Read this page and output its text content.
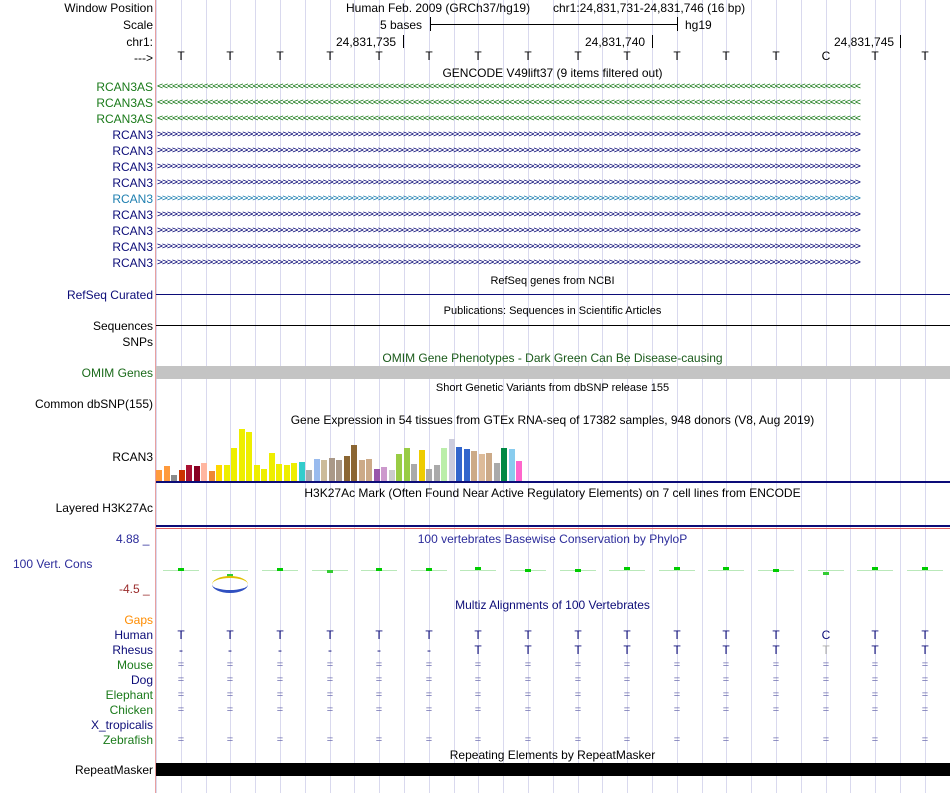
Window Position	Human Feb. 2009 (GRCh37/hg19) chr1:24,831,731-24,831,746 (16 bp)
Scale	5 bases	hg19
chr1:	24,831,735	24,831,740	24,831,745
--->	T	T	T	T	T	T	T	T	T	T	T	T	T	C	T	T
GENCODE V49lift37 (9 items filtered out)
RCAN3AS <<<<<<<<<<<<<<<<<<<<<<<<<<<<<<<<<<<<<<<<<<<<<<<<<<<<<<<<<<<<<<<<<<<<<<<<<<<<<<<<<<<<<<<<<<<<<<<<<<<<<<<<<<<<<<<<<<<<<<<<<<<<<<<<<<<<<<<<<<<<
RCAN3AS <<<<<<<<<<<<<<<<<<<<<<<<<<<<<<<<<<<<<<<<<<<<<<<<<<<<<<<<<<<<<<<<<<<<<<<<<<<<<<<<<<<<<<<<<<<<<<<<<<<<<<<<<<<<<<<<<<<<<<<<<<<<<<<<<<<<<<<<<<<<
RCAN3AS <<<<<<<<<<<<<<<<<<<<<<<<<<<<<<<<<<<<<<<<<<<<<<<<<<<<<<<<<<<<<<<<<<<<<<<<<<<<<<<<<<<<<<<<<<<<<<<<<<<<<<<<<<<<<<<<<<<<<<<<<<<<<<<<<<<<<<<<<<<<
RCAN3 >>>>>>>>>>>>>>>>>>>>>>>>>>>>>>>>>>>>>>>>>>>>>>>>>>>>>>>>>>>>>>>>>>>>>>>>>>>>>>>>>>>>>>>>>>>>>>>>>>>>>>>>>>>>>>>>>>>>>>>>>>>>>>>>>>>>>>>>>>>>
RCAN3 >>>>>>>>>>>>>>>>>>>>>>>>>>>>>>>>>>>>>>>>>>>>>>>>>>>>>>>>>>>>>>>>>>>>>>>>>>>>>>>>>>>>>>>>>>>>>>>>>>>>>>>>>>>>>>>>>>>>>>>>>>>>>>>>>>>>>>>>>>>>
RCAN3 >>>>>>>>>>>>>>>>>>>>>>>>>>>>>>>>>>>>>>>>>>>>>>>>>>>>>>>>>>>>>>>>>>>>>>>>>>>>>>>>>>>>>>>>>>>>>>>>>>>>>>>>>>>>>>>>>>>>>>>>>>>>>>>>>>>>>>>>>>>>
RCAN3 >>>>>>>>>>>>>>>>>>>>>>>>>>>>>>>>>>>>>>>>>>>>>>>>>>>>>>>>>>>>>>>>>>>>>>>>>>>>>>>>>>>>>>>>>>>>>>>>>>>>>>>>>>>>>>>>>>>>>>>>>>>>>>>>>>>>>>>>>>>>
RCAN3 >>>>>>>>>>>>>>>>>>>>>>>>>>>>>>>>>>>>>>>>>>>>>>>>>>>>>>>>>>>>>>>>>>>>>>>>>>>>>>>>>>>>>>>>>>>>>>>>>>>>>>>>>>>>>>>>>>>>>>>>>>>>>>>>>>>>>>>>>>>>
RCAN3 >>>>>>>>>>>>>>>>>>>>>>>>>>>>>>>>>>>>>>>>>>>>>>>>>>>>>>>>>>>>>>>>>>>>>>>>>>>>>>>>>>>>>>>>>>>>>>>>>>>>>>>>>>>>>>>>>>>>>>>>>>>>>>>>>>>>>>>>>>>>
RCAN3 >>>>>>>>>>>>>>>>>>>>>>>>>>>>>>>>>>>>>>>>>>>>>>>>>>>>>>>>>>>>>>>>>>>>>>>>>>>>>>>>>>>>>>>>>>>>>>>>>>>>>>>>>>>>>>>>>>>>>>>>>>>>>>>>>>>>>>>>>>>>
RCAN3 >>>>>>>>>>>>>>>>>>>>>>>>>>>>>>>>>>>>>>>>>>>>>>>>>>>>>>>>>>>>>>>>>>>>>>>>>>>>>>>>>>>>>>>>>>>>>>>>>>>>>>>>>>>>>>>>>>>>>>>>>>>>>>>>>>>>>>>>>>>>
RCAN3 >>>>>>>>>>>>>>>>>>>>>>>>>>>>>>>>>>>>>>>>>>>>>>>>>>>>>>>>>>>>>>>>>>>>>>>>>>>>>>>>>>>>>>>>>>>>>>>>>>>>>>>>>>>>>>>>>>>>>>>>>>>>>>>>>>>>>>>>>>>>
RefSeq genes from NCBI
RefSeq Curated
Publications: Sequences in Scientific Articles
Sequences
SNPs
OMIM Gene Phenotypes - Dark Green Can Be Disease-causing
OMIM Genes
Short Genetic Variants from dbSNP release 155
Common dbSNP(155)
Gene Expression in 54 tissues from GTEx RNA-seq of 17382 samples, 948 donors (V8, Aug 2019)
RCAN3
H3K27Ac Mark (Often Found Near Active Regulatory Elements) on 7 cell lines from ENCODE
Layered H3K27Ac
100 vertebrates Basewise Conservation by PhyloP
4.88 _
100 Vert. Cons
-4.5 _
Multiz Alignments of 100 Vertebrates
Gaps
Human	T	T	T	T	T	T	T	T	T	T	T	T	T	C	T	T
Rhesus	-	-	-	-	-	-	T	T	T	T	T	T	T	T	T	T
Mouse	=	=	=	=	=	=	=	=	=	=	=	=	=	=	=	=
Dog	=	=	=	=	=	=	=	=	=	=	=	=	=	=	=	=
Elephant	=	=	=	=	=	=	=	=	=	=	=	=	=	=	=	=
Chicken	=	=	=	=	=	=	=	=	=	=	=	=	=	=	=	=
X_tropicalis
Zebrafish	=	=	=	=	=	=	=	=	=	=	=	=	=	=	=	=
Repeating Elements by RepeatMasker
RepeatMasker
